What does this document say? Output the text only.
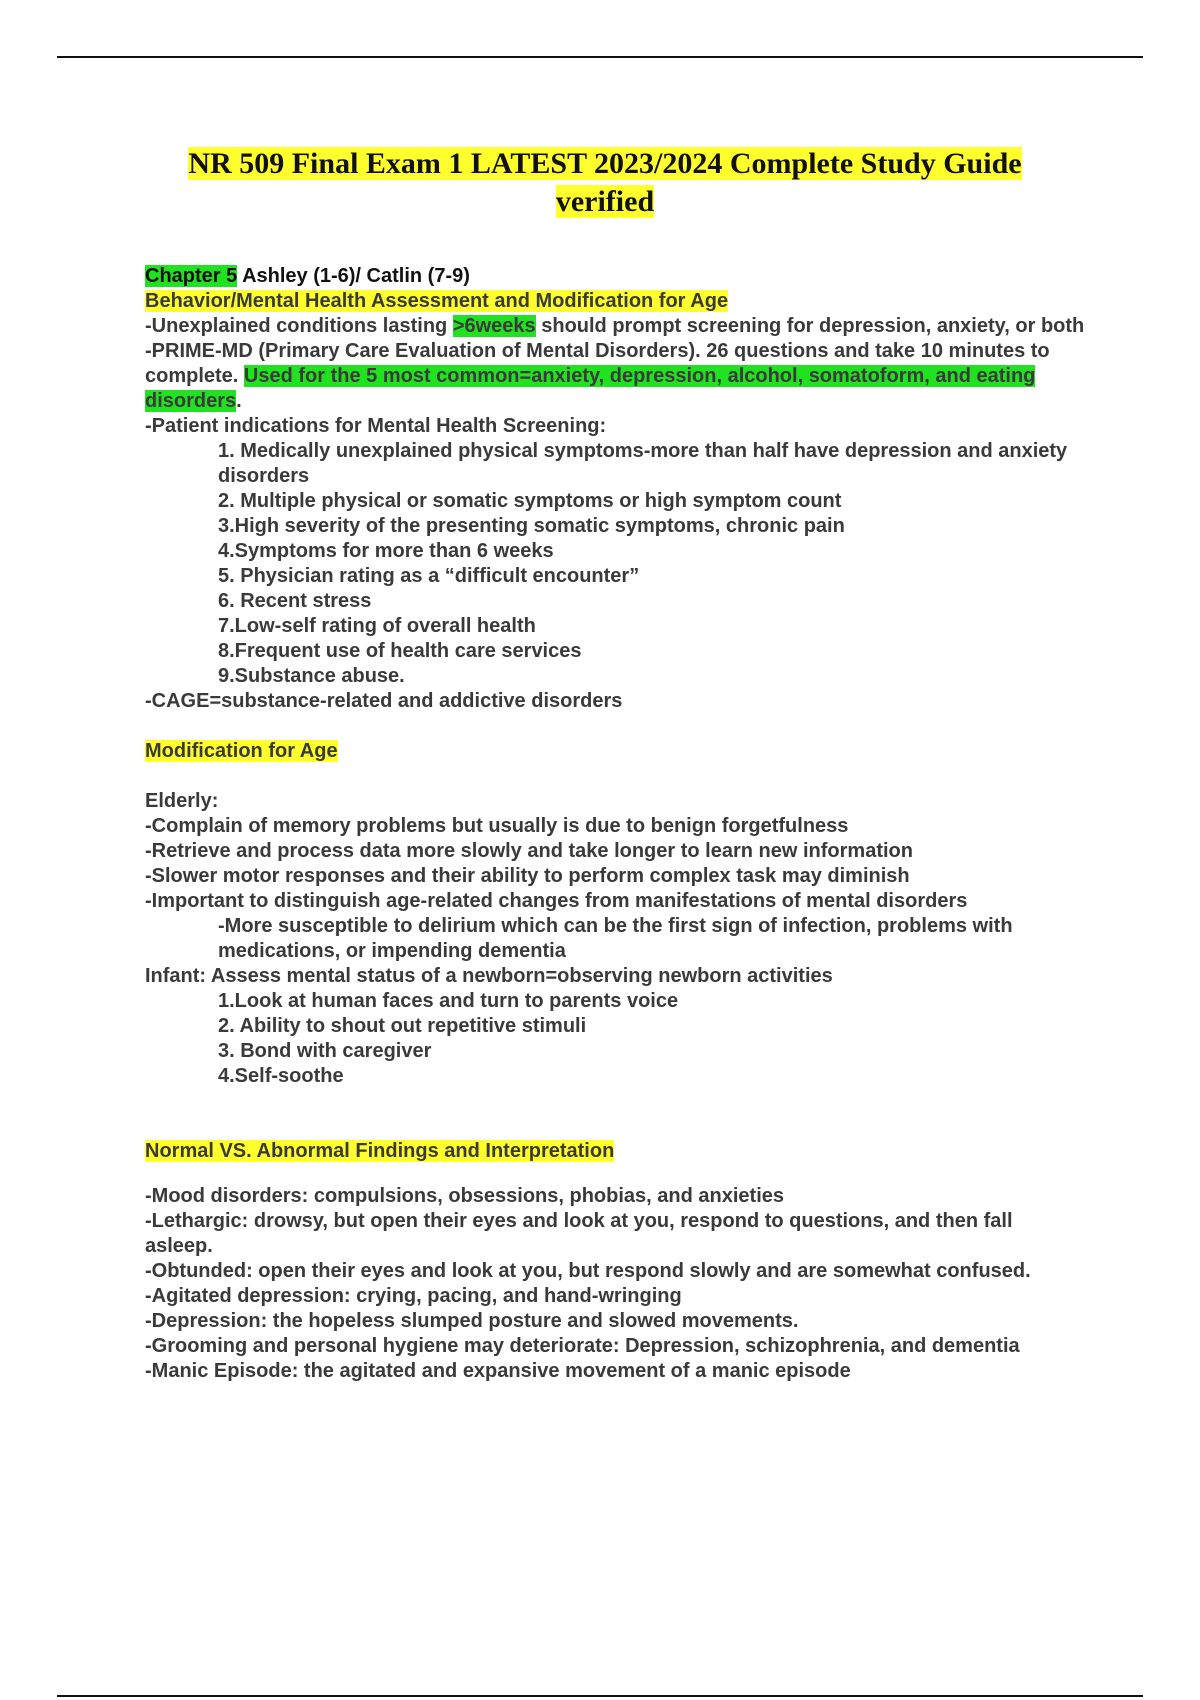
NR 509 Final Exam 1 LATEST 2023/2024 Complete Study Guide
verified
Chapter 5 Ashley (1-6)/ Catlin (7-9)
Behavior/Mental Health Assessment and Modification for Age
-Unexplained conditions lasting >6weeks should prompt screening for depression, anxiety, or both
-PRIME-MD (Primary Care Evaluation of Mental Disorders). 26 questions and take 10 minutes to complete. Used for the 5 most common=anxiety, depression, alcohol, somatoform, and eating disorders.
-Patient indications for Mental Health Screening:
1. Medically unexplained physical symptoms-more than half have depression and anxiety disorders
2. Multiple physical or somatic symptoms or high symptom count
3.High severity of the presenting somatic symptoms, chronic pain
4.Symptoms for more than 6 weeks
5. Physician rating as a “difficult encounter”
6. Recent stress
7.Low-self rating of overall health
8.Frequent use of health care services
9.Substance abuse.
-CAGE=substance-related and addictive disorders
Modification for Age
Elderly:
-Complain of memory problems but usually is due to benign forgetfulness
-Retrieve and process data more slowly and take longer to learn new information
-Slower motor responses and their ability to perform complex task may diminish
-Important to distinguish age-related changes from manifestations of mental disorders
-More susceptible to delirium which can be the first sign of infection, problems with medications, or impending dementia
Infant: Assess mental status of a newborn=observing newborn activities
1.Look at human faces and turn to parents voice
2. Ability to shout out repetitive stimuli
3. Bond with caregiver
4.Self-soothe
Normal VS. Abnormal Findings and Interpretation
-Mood disorders: compulsions, obsessions, phobias, and anxieties
-Lethargic: drowsy, but open their eyes and look at you, respond to questions, and then fall asleep.
-Obtunded: open their eyes and look at you, but respond slowly and are somewhat confused.
-Agitated depression: crying, pacing, and hand-wringing
-Depression: the hopeless slumped posture and slowed movements.
-Grooming and personal hygiene may deteriorate: Depression, schizophrenia, and dementia
-Manic Episode: the agitated and expansive movement of a manic episode
